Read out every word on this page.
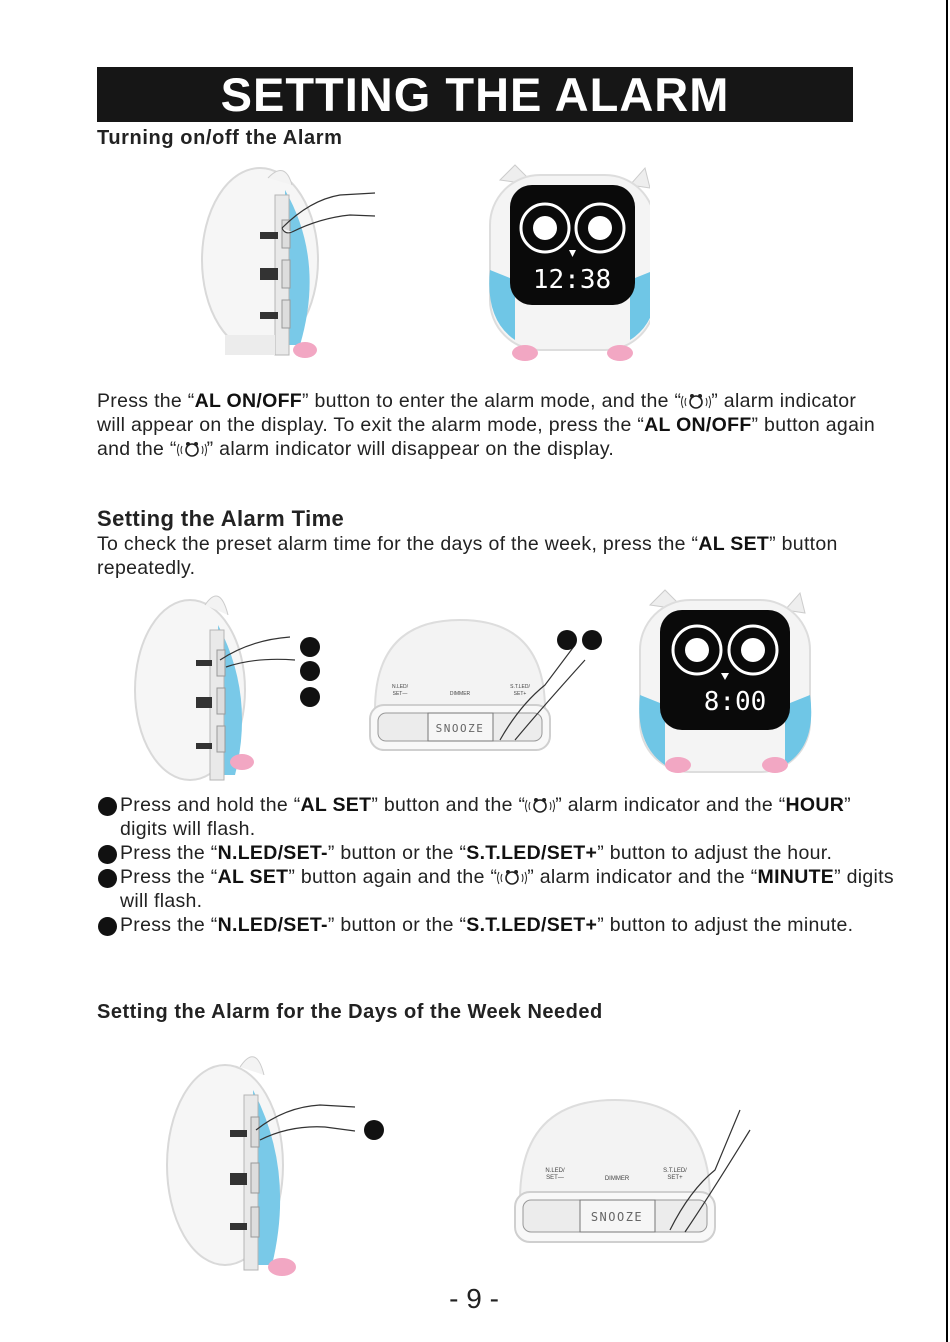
SETTING THE ALARM
Turning on/off the Alarm
12:38
Press the “AL ON/OFF” button to enter the alarm mode, and the “ ” alarm indicator will appear on the display. To exit the alarm mode, press the “AL ON/OFF” button again and the “ ” alarm indicator will disappear on the display.
Setting the Alarm Time
To check the preset alarm time for the days of the week, press the “AL SET” button repeatedly.
SNOOZE
N.LED/
SET—	DIMMER
S.T.LED/
SET+	8:00
Press and hold the “AL SET” button and the “ ” alarm indicator and the “HOUR” digits will flash.
Press the “N.LED/SET-” button or the “S.T.LED/SET+” button to adjust the hour.
Press the “AL SET” button again and the “ ” alarm indicator and the “MINUTE” digits will flash.
Press the “N.LED/SET-” button or the “S.T.LED/SET+” button to adjust the minute.
Setting the Alarm for the Days of the Week Needed
SNOOZE
N.LED/
SET—	DIMMER
S.T.LED/
SET+
- 9 -
